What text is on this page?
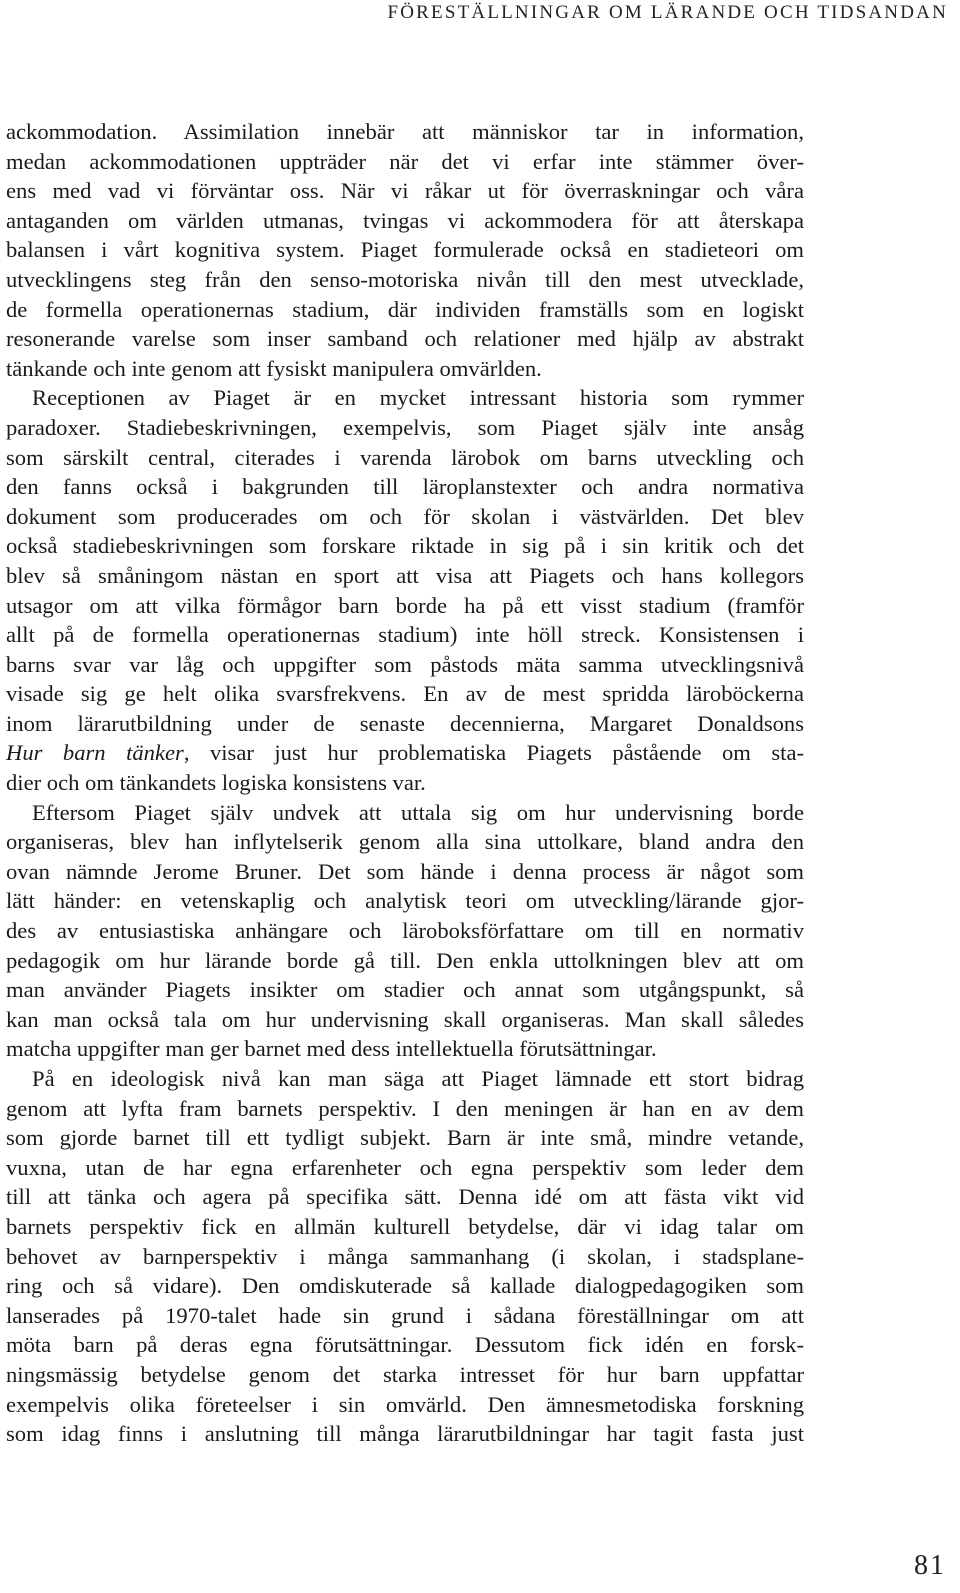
FÖRESTÄLLNINGAR OM LÄRANDE OCH TIDSANDAN
ackommodation. Assimilation innebär att människor tar in information,
medan ackommodationen uppträder när det vi erfar inte stämmer över-
ens med vad vi förväntar oss. När vi råkar ut för överraskningar och våra
antaganden om världen utmanas, tvingas vi ackommodera för att återskapa
balansen i vårt kognitiva system. Piaget formulerade också en stadieteori om
utvecklingens steg från den senso-motoriska nivån till den mest utvecklade,
de formella operationernas stadium, där individen framställs som en logiskt
resonerande varelse som inser samband och relationer med hjälp av abstrakt
tänkande och inte genom att fysiskt manipulera omvärlden.
Receptionen av Piaget är en mycket intressant historia som rymmer
paradoxer. Stadiebeskrivningen, exempelvis, som Piaget själv inte ansåg
som särskilt central, citerades i varenda lärobok om barns utveckling och
den fanns också i bakgrunden till läroplanstexter och andra normativa
dokument som producerades om och för skolan i västvärlden. Det blev
också stadiebeskrivningen som forskare riktade in sig på i sin kritik och det
blev så småningom nästan en sport att visa att Piagets och hans kollegors
utsagor om att vilka förmågor barn borde ha på ett visst stadium (framför
allt på de formella operationernas stadium) inte höll streck. Konsistensen i
barns svar var låg och uppgifter som påstods mäta samma utvecklingsnivå
visade sig ge helt olika svarsfrekvens. En av de mest spridda läroböckerna
inom lärarutbildning under de senaste decennierna, Margaret Donaldsons
Hur barn tänker, visar just hur problematiska Piagets påstående om sta-
dier och om tänkandets logiska konsistens var.
Eftersom Piaget själv undvek att uttala sig om hur undervisning borde
organiseras, blev han inflytelserik genom alla sina uttolkare, bland andra den
ovan nämnde Jerome Bruner. Det som hände i denna process är något som
lätt händer: en vetenskaplig och analytisk teori om utveckling/lärande gjor-
des av entusiastiska anhängare och läroboksförfattare om till en normativ
pedagogik om hur lärande borde gå till. Den enkla uttolkningen blev att om
man använder Piagets insikter om stadier och annat som utgångspunkt, så
kan man också tala om hur undervisning skall organiseras. Man skall således
matcha uppgifter man ger barnet med dess intellektuella förutsättningar.
På en ideologisk nivå kan man säga att Piaget lämnade ett stort bidrag
genom att lyfta fram barnets perspektiv. I den meningen är han en av dem
som gjorde barnet till ett tydligt subjekt. Barn är inte små, mindre vetande,
vuxna, utan de har egna erfarenheter och egna perspektiv som leder dem
till att tänka och agera på specifika sätt. Denna idé om att fästa vikt vid
barnets perspektiv fick en allmän kulturell betydelse, där vi idag talar om
behovet av barnperspektiv i många sammanhang (i skolan, i stadsplane-
ring och så vidare). Den omdiskuterade så kallade dialogpedagogiken som
lanserades på 1970-talet hade sin grund i sådana föreställningar om att
möta barn på deras egna förutsättningar. Dessutom fick idén en forsk-
ningsmässig betydelse genom det starka intresset för hur barn uppfattar
exempelvis olika företeelser i sin omvärld. Den ämnesmetodiska forskning
som idag finns i anslutning till många lärarutbildningar har tagit fasta just
81
